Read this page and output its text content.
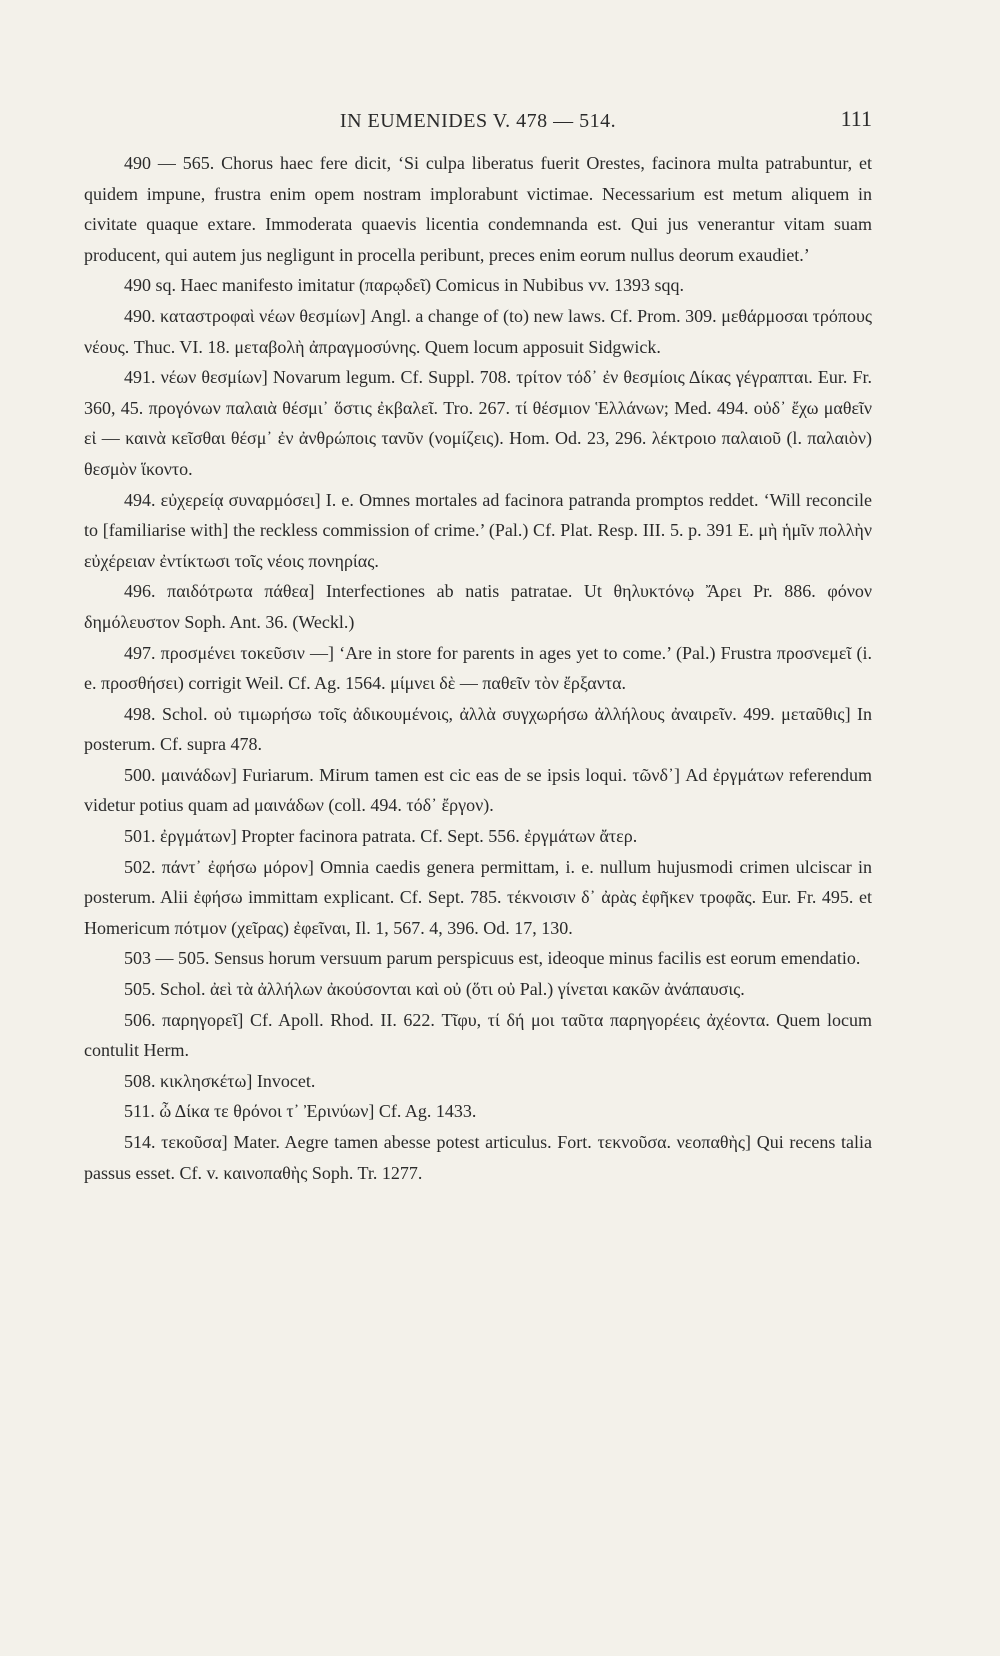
IN EUMENIDES V. 478 — 514.	111

490 — 565. Chorus haec fere dicit, ‘Si culpa liberatus fuerit Orestes, facinora multa patrabuntur, et quidem impune, frustra enim opem nostram implorabunt victimae. Necessarium est metum aliquem in civitate quaque extare. Immoderata quaevis licentia condemnanda est. Qui jus venerantur vitam suam producent, qui autem jus negligunt in procella peribunt, preces enim eorum nullus deorum exaudiet.’

490 sq. Haec manifesto imitatur (παρῳδεῖ) Comicus in Nubibus vv. 1393 sqq.

490. καταστροφαὶ νέων θεσμίων] Angl. a change of (to) new laws. Cf. Prom. 309. μεθάρμοσαι τρόπους νέους. Thuc. VI. 18. μεταβολὴ ἀπραγμοσύνης. Quem locum apposuit Sidgwick.

491. νέων θεσμίων] Novarum legum. Cf. Suppl. 708. τρίτον τόδ᾽ ἐν θεσμίοις Δίκας γέγραπται. Eur. Fr. 360, 45. προγόνων παλαιὰ θέσμι᾽ ὅστις ἐκβαλεῖ. Tro. 267. τί θέσμιον Ἑλλάνων; Med. 494. οὐδ᾽ ἔχω μαθεῖν εἰ — καινὰ κεῖσθαι θέσμ᾽ ἐν ἀνθρώποις τανῦν (νομίζεις). Hom. Od. 23, 296. λέκτροιο παλαιοῦ (l. παλαιὸν) θεσμὸν ἵκοντο.

494. εὐχερείᾳ συναρμόσει] I. e. Omnes mortales ad facinora patranda promptos reddet. ‘Will reconcile to [familiarise with] the reckless commission of crime.’ (Pal.) Cf. Plat. Resp. III. 5. p. 391 E. μὴ ἡμῖν πολλὴν εὐχέρειαν ἐντίκτωσι τοῖς νέοις πονηρίας.

496. παιδότρωτα πάθεα] Interfectiones ab natis patratae. Ut θηλυκτόνῳ Ἄρει Pr. 886. φόνον δημόλευστον Soph. Ant. 36. (Weckl.)

497. προσμένει τοκεῦσιν —] ‘Are in store for parents in ages yet to come.’ (Pal.) Frustra προσνεμεῖ (i. e. προσθήσει) corrigit Weil. Cf. Ag. 1564. μίμνει δὲ — παθεῖν τὸν ἔρξαντα.

498. Schol. οὐ τιμωρήσω τοῖς ἀδικουμένοις, ἀλλὰ συγχωρήσω ἀλλήλους ἀναιρεῖν. 499. μεταῦθις] In posterum. Cf. supra 478.

500. μαινάδων] Furiarum. Mirum tamen est cic eas de se ipsis loqui. τῶνδ᾽] Ad ἐργμάτων referendum videtur potius quam ad μαινάδων (coll. 494. τόδ᾽ ἔργον).

501. ἐργμάτων] Propter facinora patrata. Cf. Sept. 556. ἐργμάτων ἄτερ.

502. πάντ᾽ ἐφήσω μόρον] Omnia caedis genera permittam, i. e. nullum hujusmodi crimen ulciscar in posterum. Alii ἐφήσω immittam explicant. Cf. Sept. 785. τέκνοισιν δ᾽ ἀρὰς ἐφῆκεν τροφᾶς. Eur. Fr. 495. et Homericum πότμον (χεῖρας) ἐφεῖναι, Il. 1, 567. 4, 396. Od. 17, 130.

503 — 505. Sensus horum versuum parum perspicuus est, ideoque minus facilis est eorum emendatio.

505. Schol. ἀεὶ τὰ ἀλλήλων ἀκούσονται καὶ οὐ (ὅτι οὐ Pal.) γίνεται κακῶν ἀνάπαυσις.

506. παρηγορεῖ] Cf. Apoll. Rhod. II. 622. Τῖφυ, τί δή μοι ταῦτα παρηγορέεις ἀχέοντα. Quem locum contulit Herm.

508. κικλησκέτω] Invocet.

511. ὦ Δίκα τε θρόνοι τ᾽ Ἐρινύων] Cf. Ag. 1433.

514. τεκοῦσα] Mater. Aegre tamen abesse potest articulus. Fort. τεκνοῦσα. νεοπαθὴς] Qui recens talia passus esset. Cf. v. καινοπαθὴς Soph. Tr. 1277.
